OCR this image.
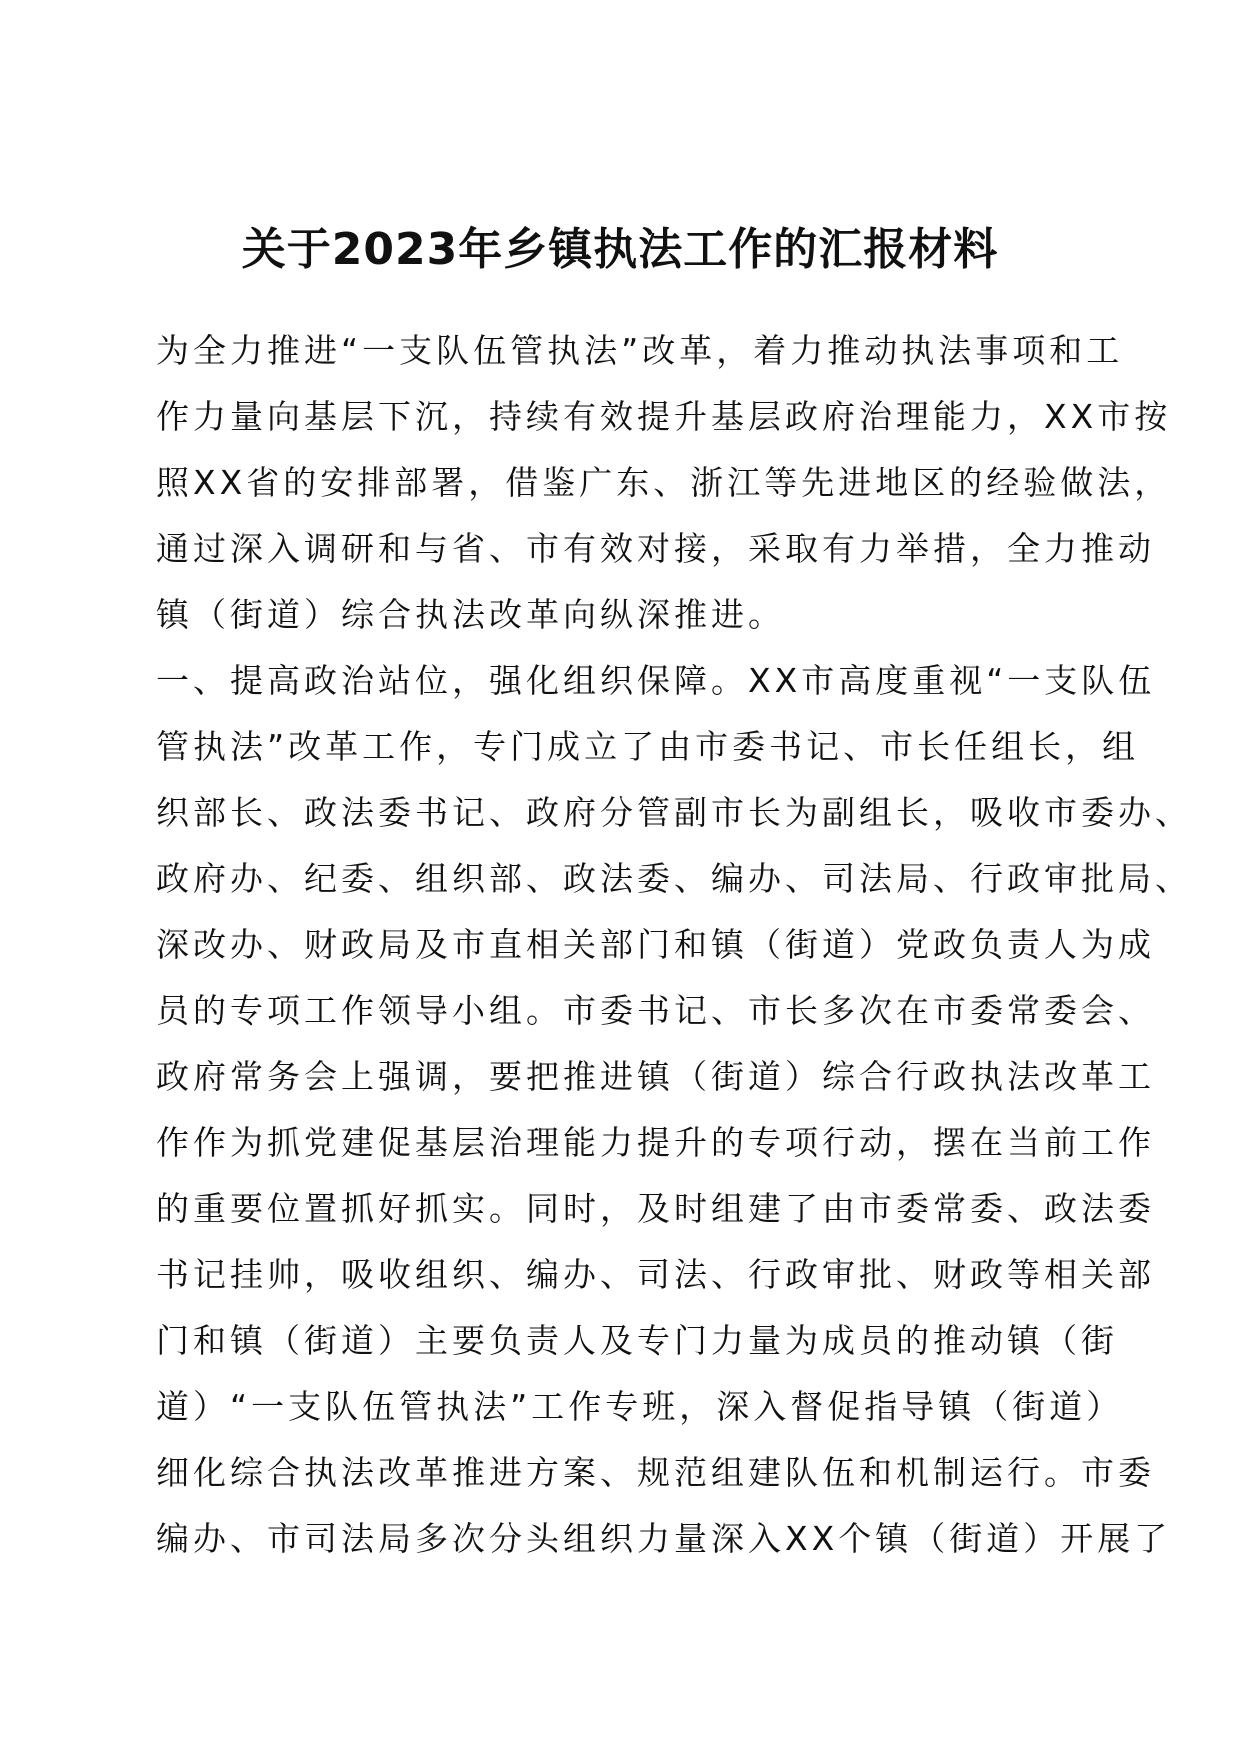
关于2023年乡镇执法工作的汇报材料
为全力推进“一支队伍管执法”改革，着力推动执法事项和工
作力量向基层下沉，持续有效提升基层政府治理能力，XX市按
照XX省的安排部署，借鉴广东、浙江等先进地区的经验做法，
通过深入调研和与省、市有效对接，采取有力举措，全力推动
镇（街道）综合执法改革向纵深推进。
一、提高政治站位，强化组织保障。XX市高度重视“一支队伍
管执法”改革工作，专门成立了由市委书记、市长任组长，组
织部长、政法委书记、政府分管副市长为副组长，吸收市委办、
政府办、纪委、组织部、政法委、编办、司法局、行政审批局、
深改办、财政局及市直相关部门和镇（街道）党政负责人为成
员的专项工作领导小组。市委书记、市长多次在市委常委会、
政府常务会上强调，要把推进镇（街道）综合行政执法改革工
作作为抓党建促基层治理能力提升的专项行动，摆在当前工作
的重要位置抓好抓实。同时，及时组建了由市委常委、政法委
书记挂帅，吸收组织、编办、司法、行政审批、财政等相关部
门和镇（街道）主要负责人及专门力量为成员的推动镇（街
道）“一支队伍管执法”工作专班，深入督促指导镇（街道）
细化综合执法改革推进方案、规范组建队伍和机制运行。市委
编办、市司法局多次分头组织力量深入XX个镇（街道）开展了
